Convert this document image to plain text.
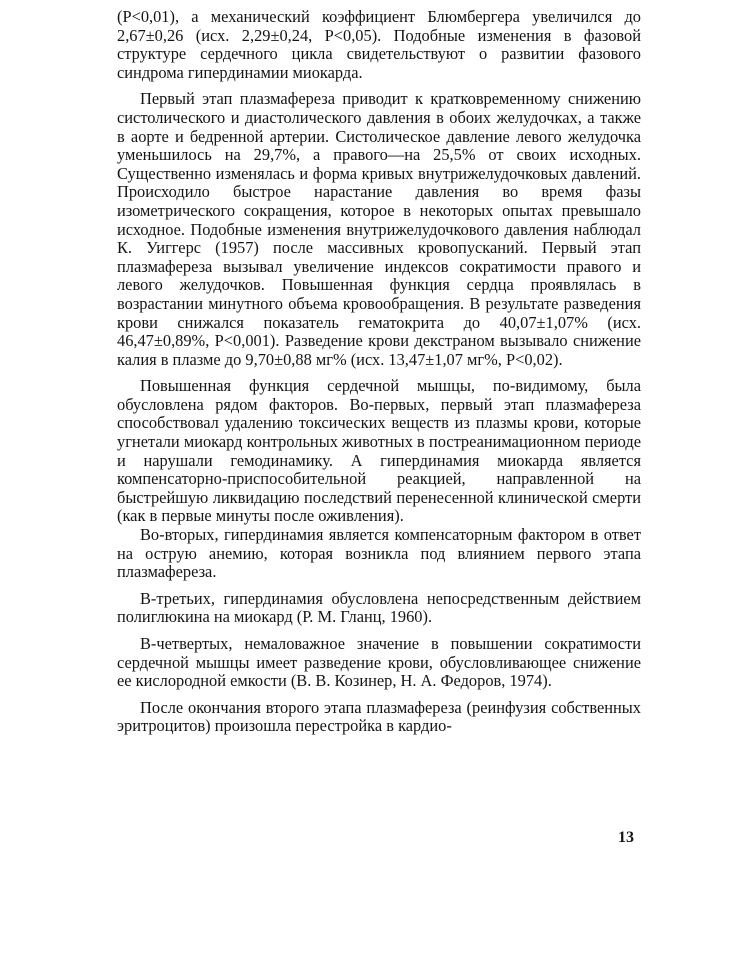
(Р<0,01), а механический коэффициент Блюмбергера увеличился до 2,67±0,26 (исх. 2,29±0,24, Р<0,05). Подобные изменения в фазовой структуре сердечного цикла свидетельствуют о развитии фазового синдрома гипердинамии миокарда.

Первый этап плазмафереза приводит к кратковременному снижению систолического и диастолического давления в обоих желудочках, а также в аорте и бедренной артерии. Систолическое давление левого желудочка уменьшилось на 29,7%, а правого—на 25,5% от своих исходных. Существенно изменялась и форма кривых внутрижелудочковых давлений. Происходило быстрое нарастание давления во время фазы изометрического сокращения, которое в некоторых опытах превышало исходное. Подобные изменения внутрижелудочкового давления наблюдал К. Уиггерс (1957) после массивных кровопусканий. Первый этап плазмафереза вызывал увеличение индексов сократимости правого и левого желудочков. Повышенная функция сердца проявлялась в возрастании минутного объема кровообращения. В результате разведения крови снижался показатель гематокрита до 40,07±1,07% (исх. 46,47±0,89%, Р<0,001). Разведение крови декстраном вызывало снижение калия в плазме до 9,70±0,88 мг% (исх. 13,47±1,07 мг%, Р<0,02).

Повышенная функция сердечной мышцы, по-видимому, была обусловлена рядом факторов. Во-первых, первый этап плазмафереза способствовал удалению токсических веществ из плазмы крови, которые угнетали миокард контрольных животных в постреанимационном периоде и нарушали гемодинамику. А гипердинамия миокарда является компенсаторно-приспособительной реакцией, направленной на быстрейшую ликвидацию последствий перенесенной клинической смерти (как в первые минуты после оживления).

Во-вторых, гипердинамия является компенсаторным фактором в ответ на острую анемию, которая возникла под влиянием первого этапа плазмафереза.

В-третьих, гипердинамия обусловлена непосредственным действием полиглюкина на миокард (Р. М. Гланц, 1960).

В-четвертых, немаловажное значение в повышении сократимости сердечной мышцы имеет разведение крови, обусловливающее снижение ее кислородной емкости (В. В. Козинер, Н. А. Федоров, 1974).

После окончания второго этапа плазмафереза (реинфузия собственных эритроцитов) произошла перестройка в кардио-

13
